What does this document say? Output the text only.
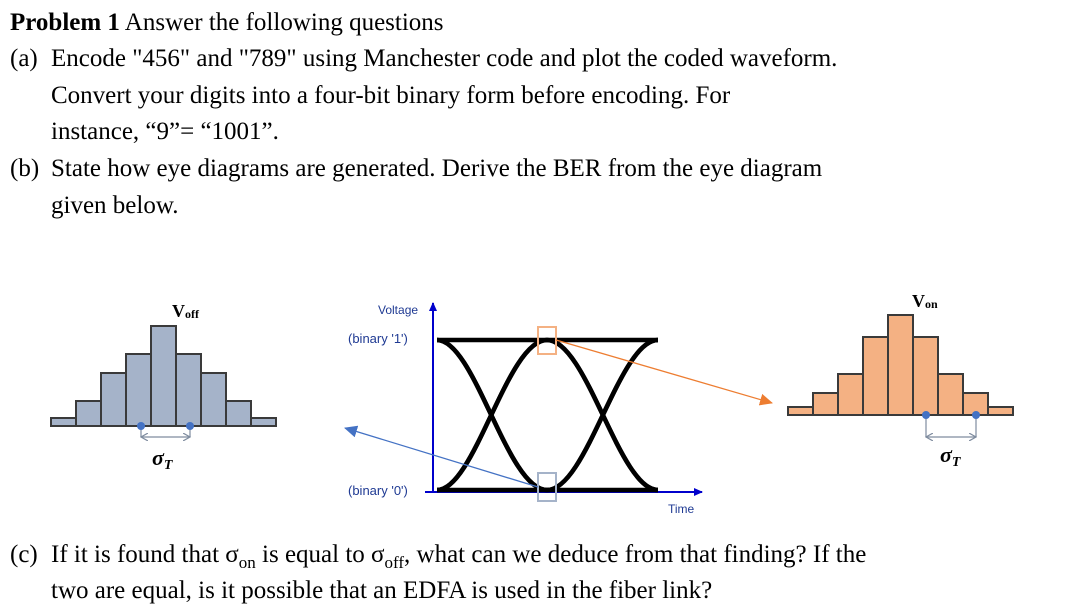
Problem 1 Answer the following questions
(a) Encode "456" and "789" using Manchester code and plot the coded waveform.
Convert your digits into a four-bit binary form before encoding. For
instance, “9”= “1001”.
(b) State how eye diagrams are generated. Derive the BER from the eye diagram
given below.
(c) If it is found that $\sigma_{on}$ is equal to $\sigma_{off}$, what can we deduce from that finding? If the
two are equal, is it possible that an EDFA is used in the fiber link?
σT
Voff
σT
Von
Voltage
(binary '1')
(binary '0')
Time
